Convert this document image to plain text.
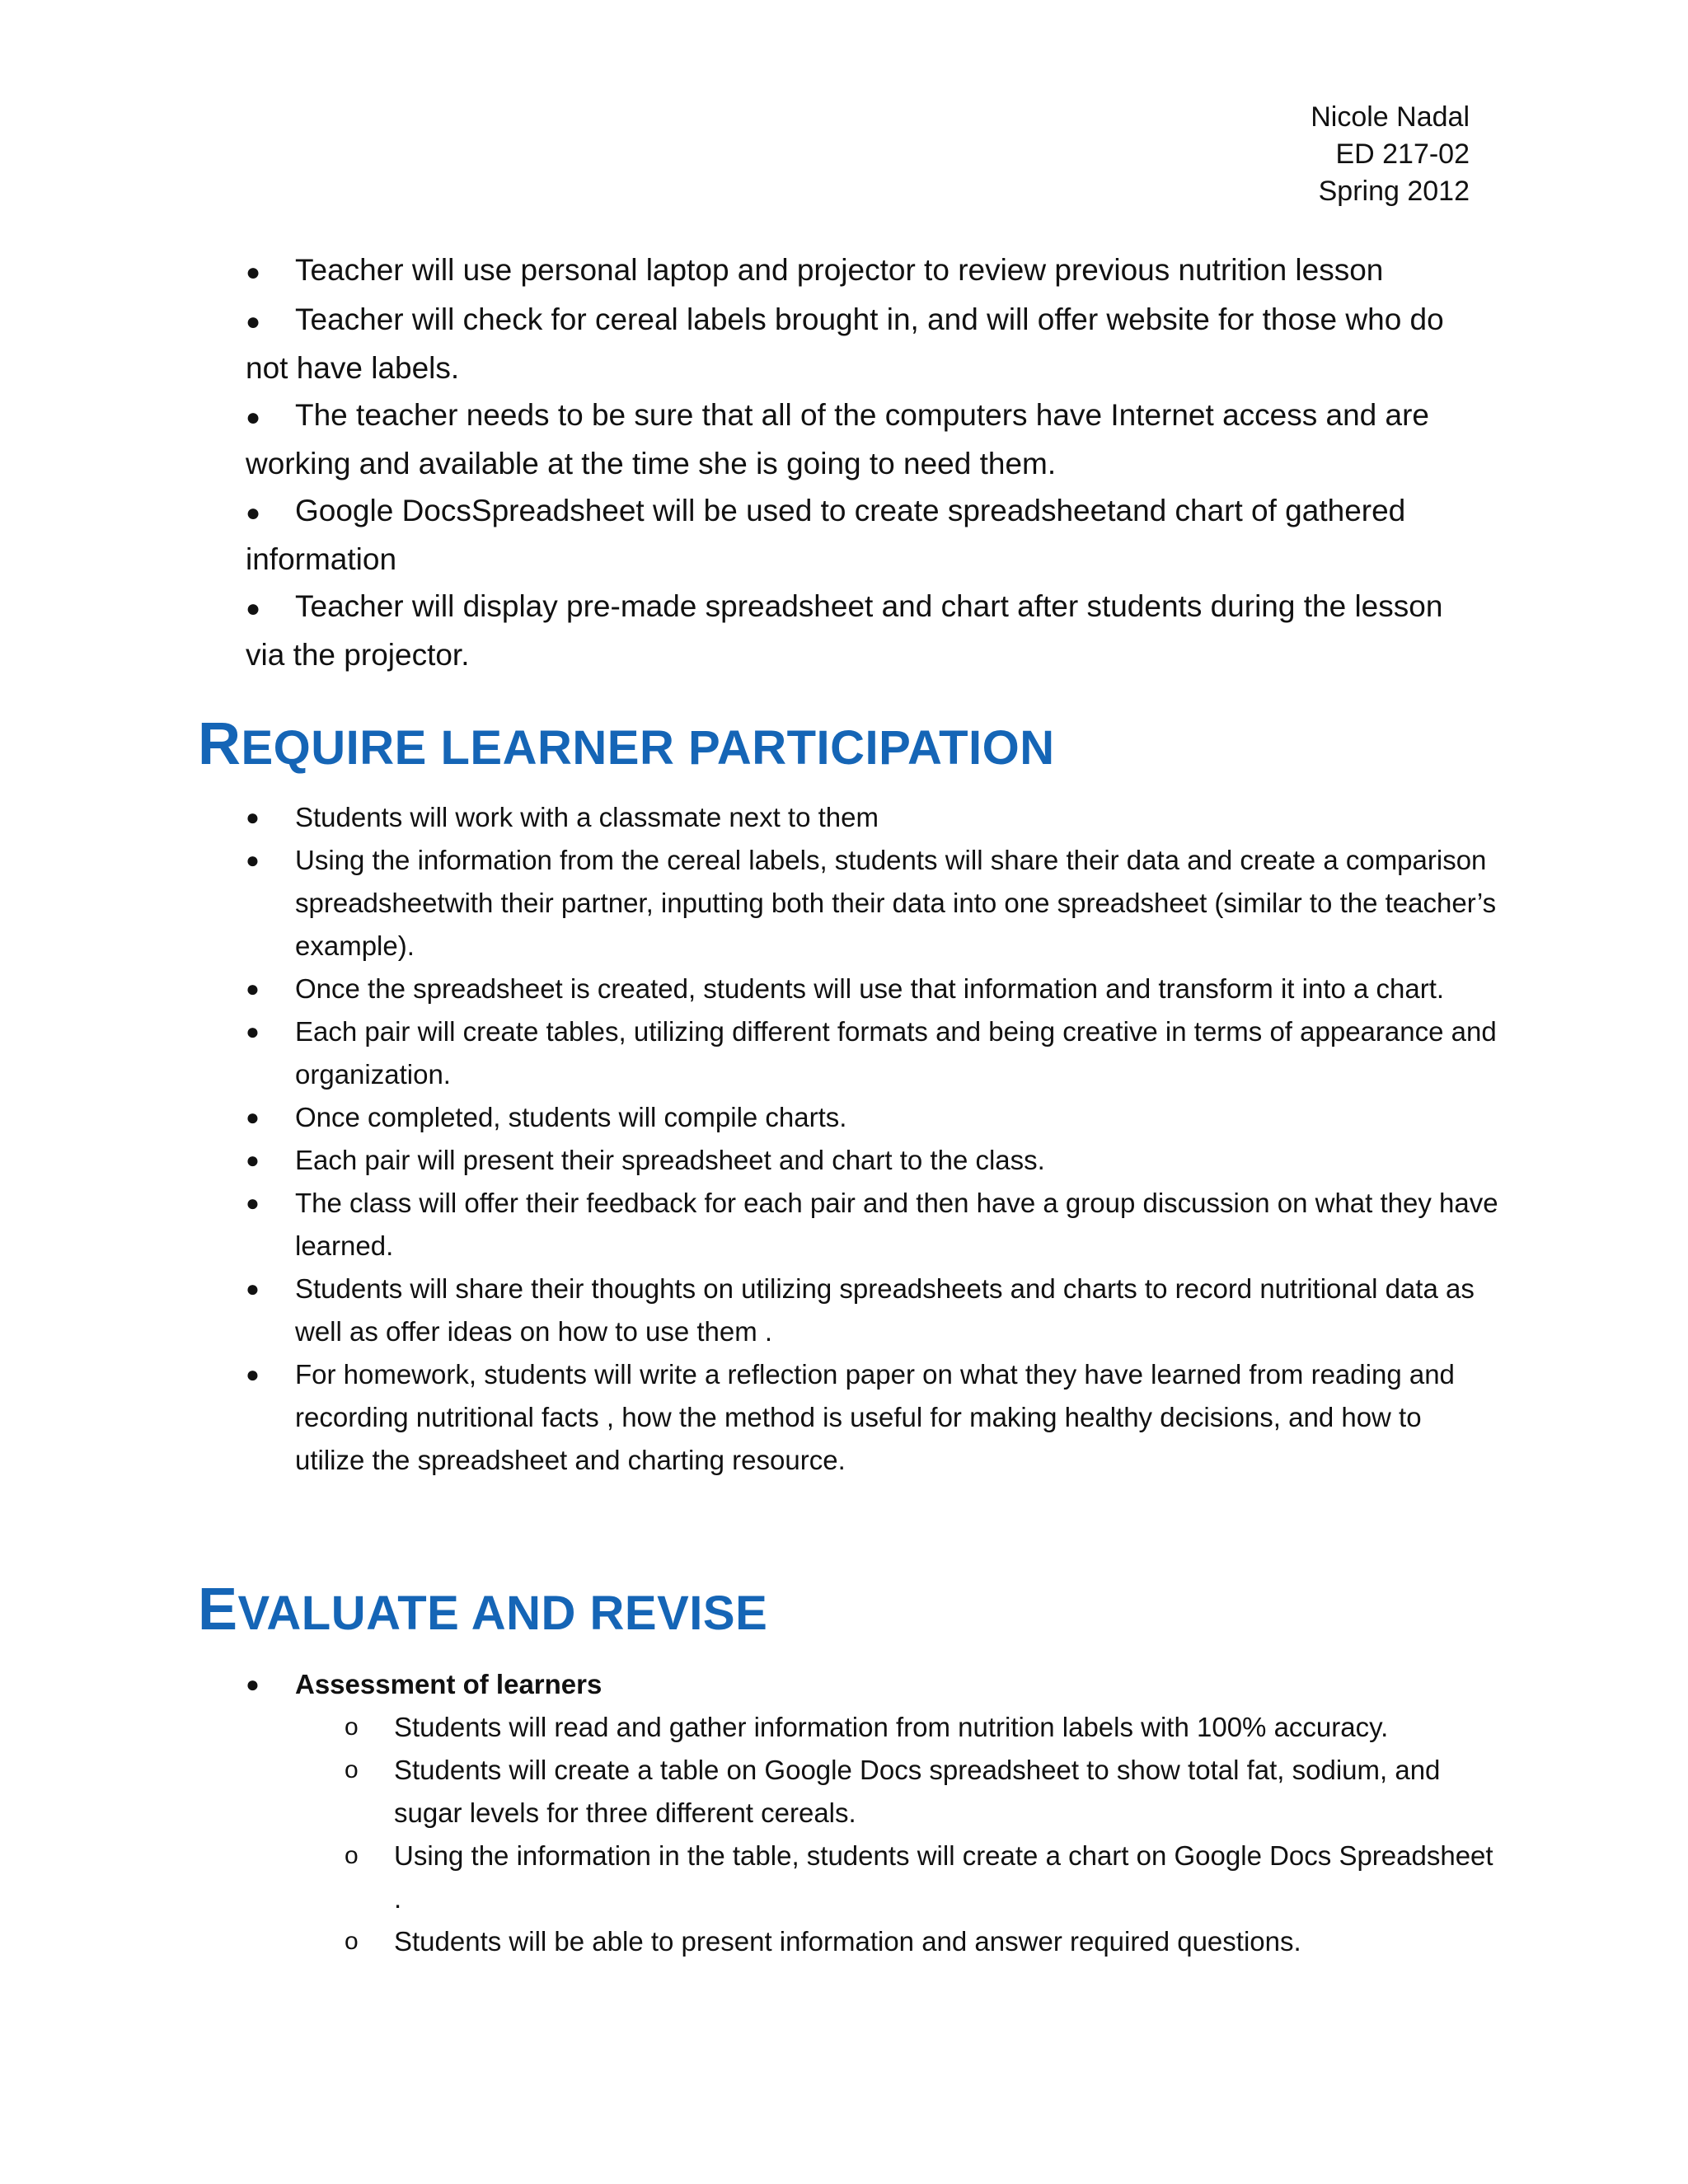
Nicole Nadal
ED 217-02
Spring 2012

● Teacher will use personal laptop and projector to review previous nutrition lesson

● Teacher will check for cereal labels brought in, and will offer website for those who do not have labels.

● The teacher needs to be sure that all of the computers have Internet access and are working and available at the time she is going to need them.

● Google DocsSpreadsheet will be used to create spreadsheetand chart of gathered information

● Teacher will display pre-made spreadsheet and chart after students during the lesson via the projector.

REQUIRE LEARNER PARTICIPATION
● Students will work with a classmate next to them
● Using the information from the cereal labels, students will share their data and create a comparison spreadsheetwith their partner, inputting both their data into one spreadsheet (similar to the teacher’s example).
● Once the spreadsheet is created, students will use that information and transform it into a chart.
● Each pair will create tables, utilizing different formats and being creative in terms of appearance and organization.
● Once completed, students will compile charts.
● Each pair will present their spreadsheet and chart to the class.
● The class will offer their feedback for each pair and then have a group discussion on what they have learned.
● Students will share their thoughts on utilizing spreadsheets and charts to record nutritional data as well as offer ideas on how to use them .
● For homework, students will write a reflection paper on what they have learned from reading and recording nutritional facts , how the method is useful for making healthy decisions, and how to utilize the spreadsheet and charting resource.
EVALUATE AND REVISE
● Assessment of learners
o Students will read and gather information from nutrition labels with 100% accuracy.
o Students will create a table on Google Docs spreadsheet to show total fat, sodium, and sugar levels for three different cereals.
o Using the information in the table, students will create a chart on Google Docs Spreadsheet .
o Students will be able to present information and answer required questions.
